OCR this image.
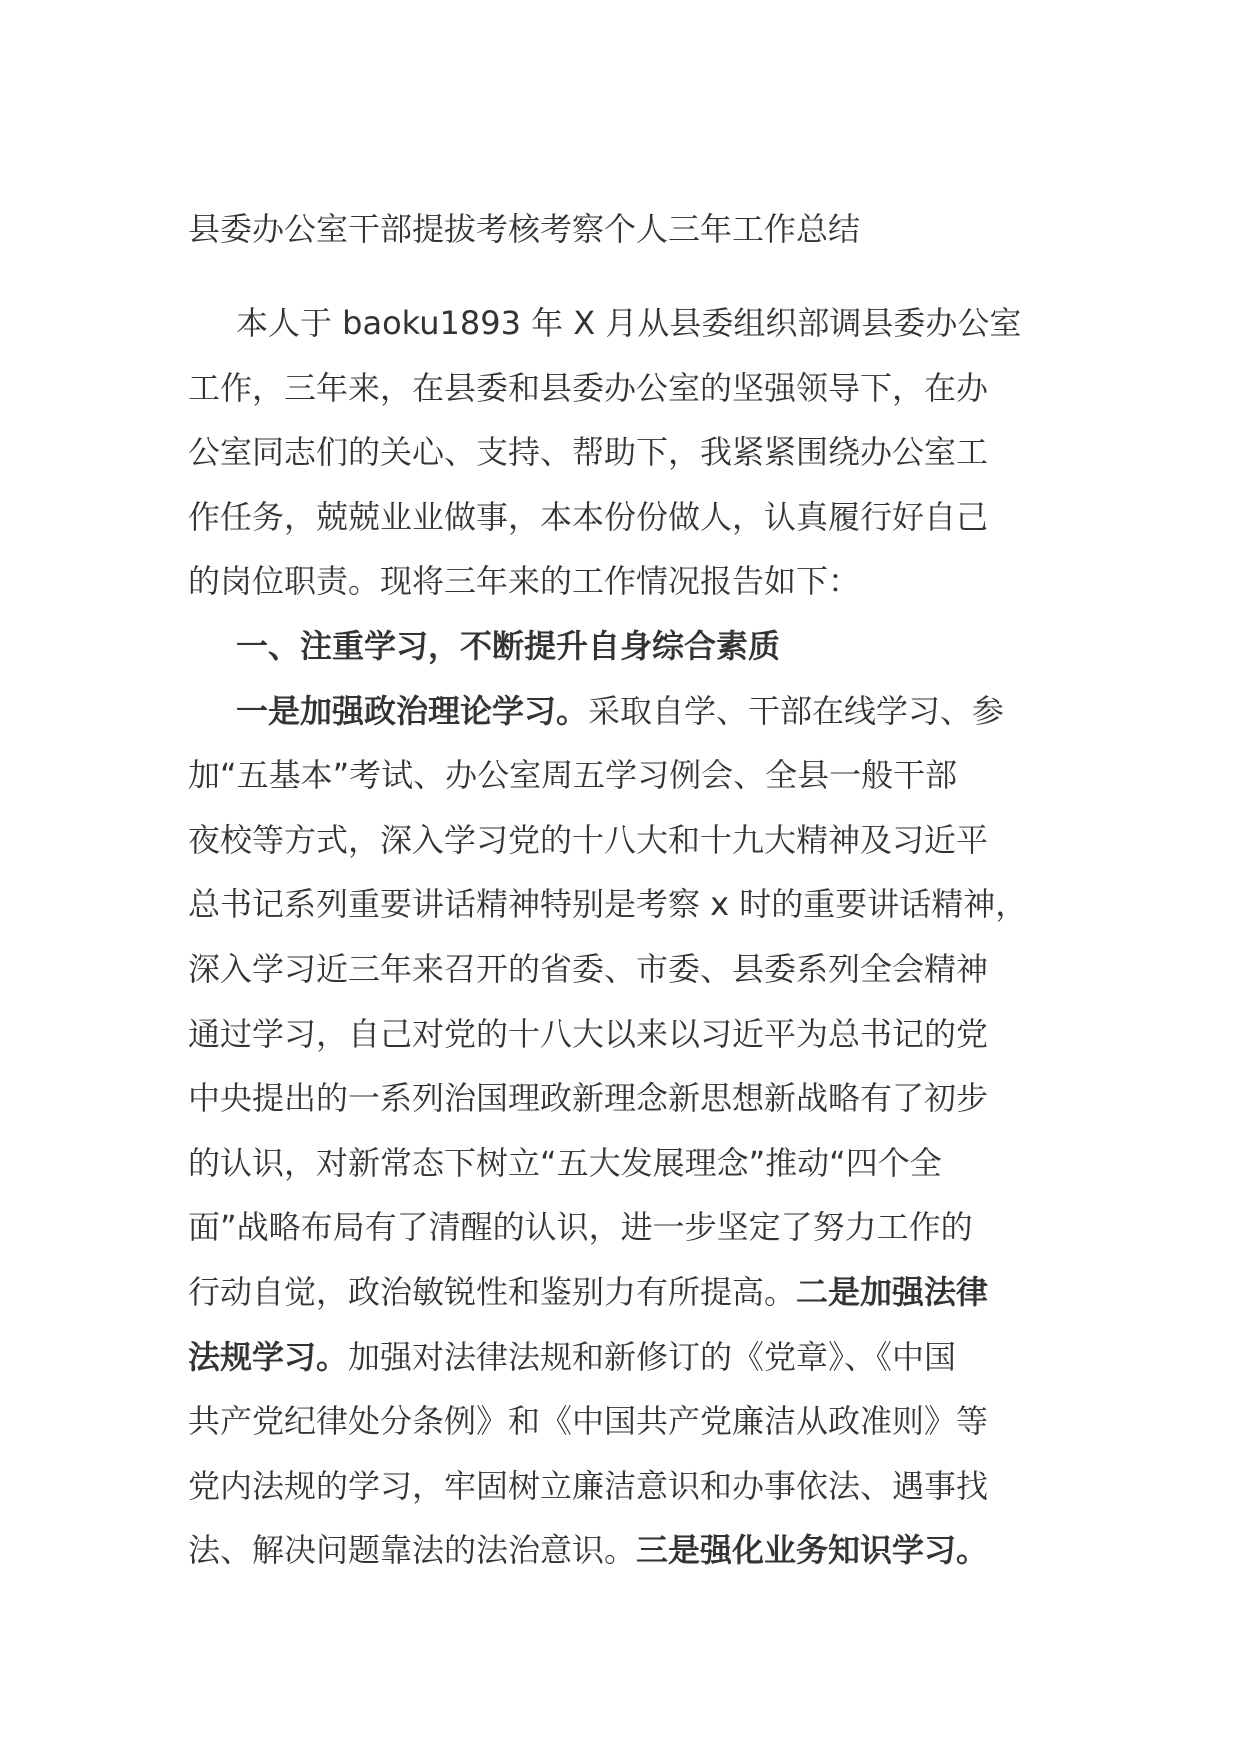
县委办公室干部提拔考核考察个人三年工作总结
本人于 baoku1893 年 X 月从县委组织部调县委办公室
工作，三年来，在县委和县委办公室的坚强领导下，在办
公室同志们的关心、支持、帮助下，我紧紧围绕办公室工
作任务，兢兢业业做事，本本份份做人，认真履行好自己
的岗位职责。现将三年来的工作情况报告如下：
一、注重学习，不断提升自身综合素质
一是加强政治理论学习。采取自学、干部在线学习、参
加“五基本”考试、办公室周五学习例会、全县一般干部
夜校等方式，深入学习党的十八大和十九大精神及习近平
总书记系列重要讲话精神特别是考察 x 时的重要讲话精神，
深入学习近三年来召开的省委、市委、县委系列全会精神
通过学习，自己对党的十八大以来以习近平为总书记的党
中央提出的一系列治国理政新理念新思想新战略有了初步
的认识，对新常态下树立“五大发展理念”推动“四个全
面”战略布局有了清醒的认识，进一步坚定了努力工作的
行动自觉，政治敏锐性和鉴别力有所提高。二是加强法律
法规学习。加强对法律法规和新修订的《党章》、《中国
共产党纪律处分条例》和《中国共产党廉洁从政准则》等
党内法规的学习，牢固树立廉洁意识和办事依法、遇事找
法、解决问题靠法的法治意识。三是强化业务知识学习。
